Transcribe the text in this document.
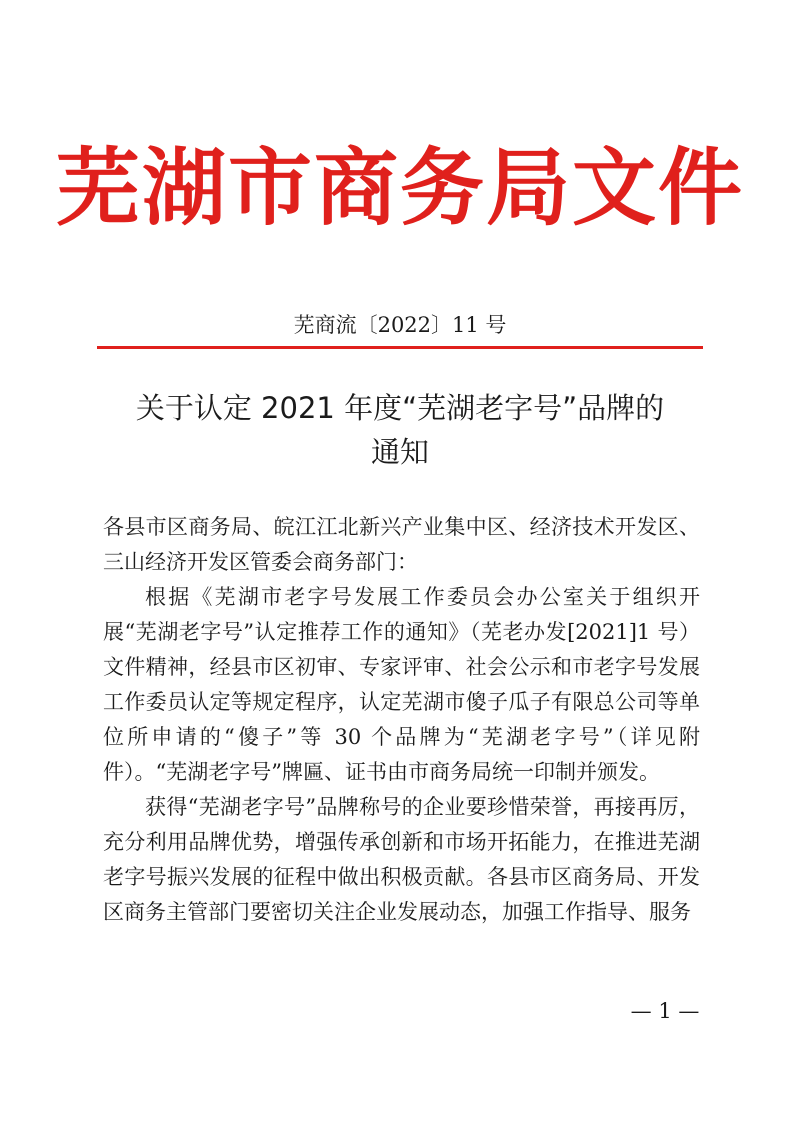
芜湖市商务局文件
芜商流〔2022〕11 号
关于认定 2021 年度“芜湖老字号”品牌的
通知

各县市区商务局、皖江江北新兴产业集中区、经济技术开发区、三山经济开发区管委会商务部门：

根据《芜湖市老字号发展工作委员会办公室关于组织开展“芜湖老字号”认定推荐工作的通知》（芜老办发[2021]1 号）文件精神，经县市区初审、专家评审、社会公示和市老字号发展工作委员认定等规定程序，认定芜湖市傻子瓜子有限总公司等单位所申请的“傻子”等 30 个品牌为“芜湖老字号”（详见附件）。“芜湖老字号”牌匾、证书由市商务局统一印制并颁发。

获得“芜湖老字号”品牌称号的企业要珍惜荣誉，再接再厉，充分利用品牌优势，增强传承创新和市场开拓能力，在推进芜湖老字号振兴发展的征程中做出积极贡献。各县市区商务局、开发区商务主管部门要密切关注企业发展动态，加强工作指导、服务

— 1 —
